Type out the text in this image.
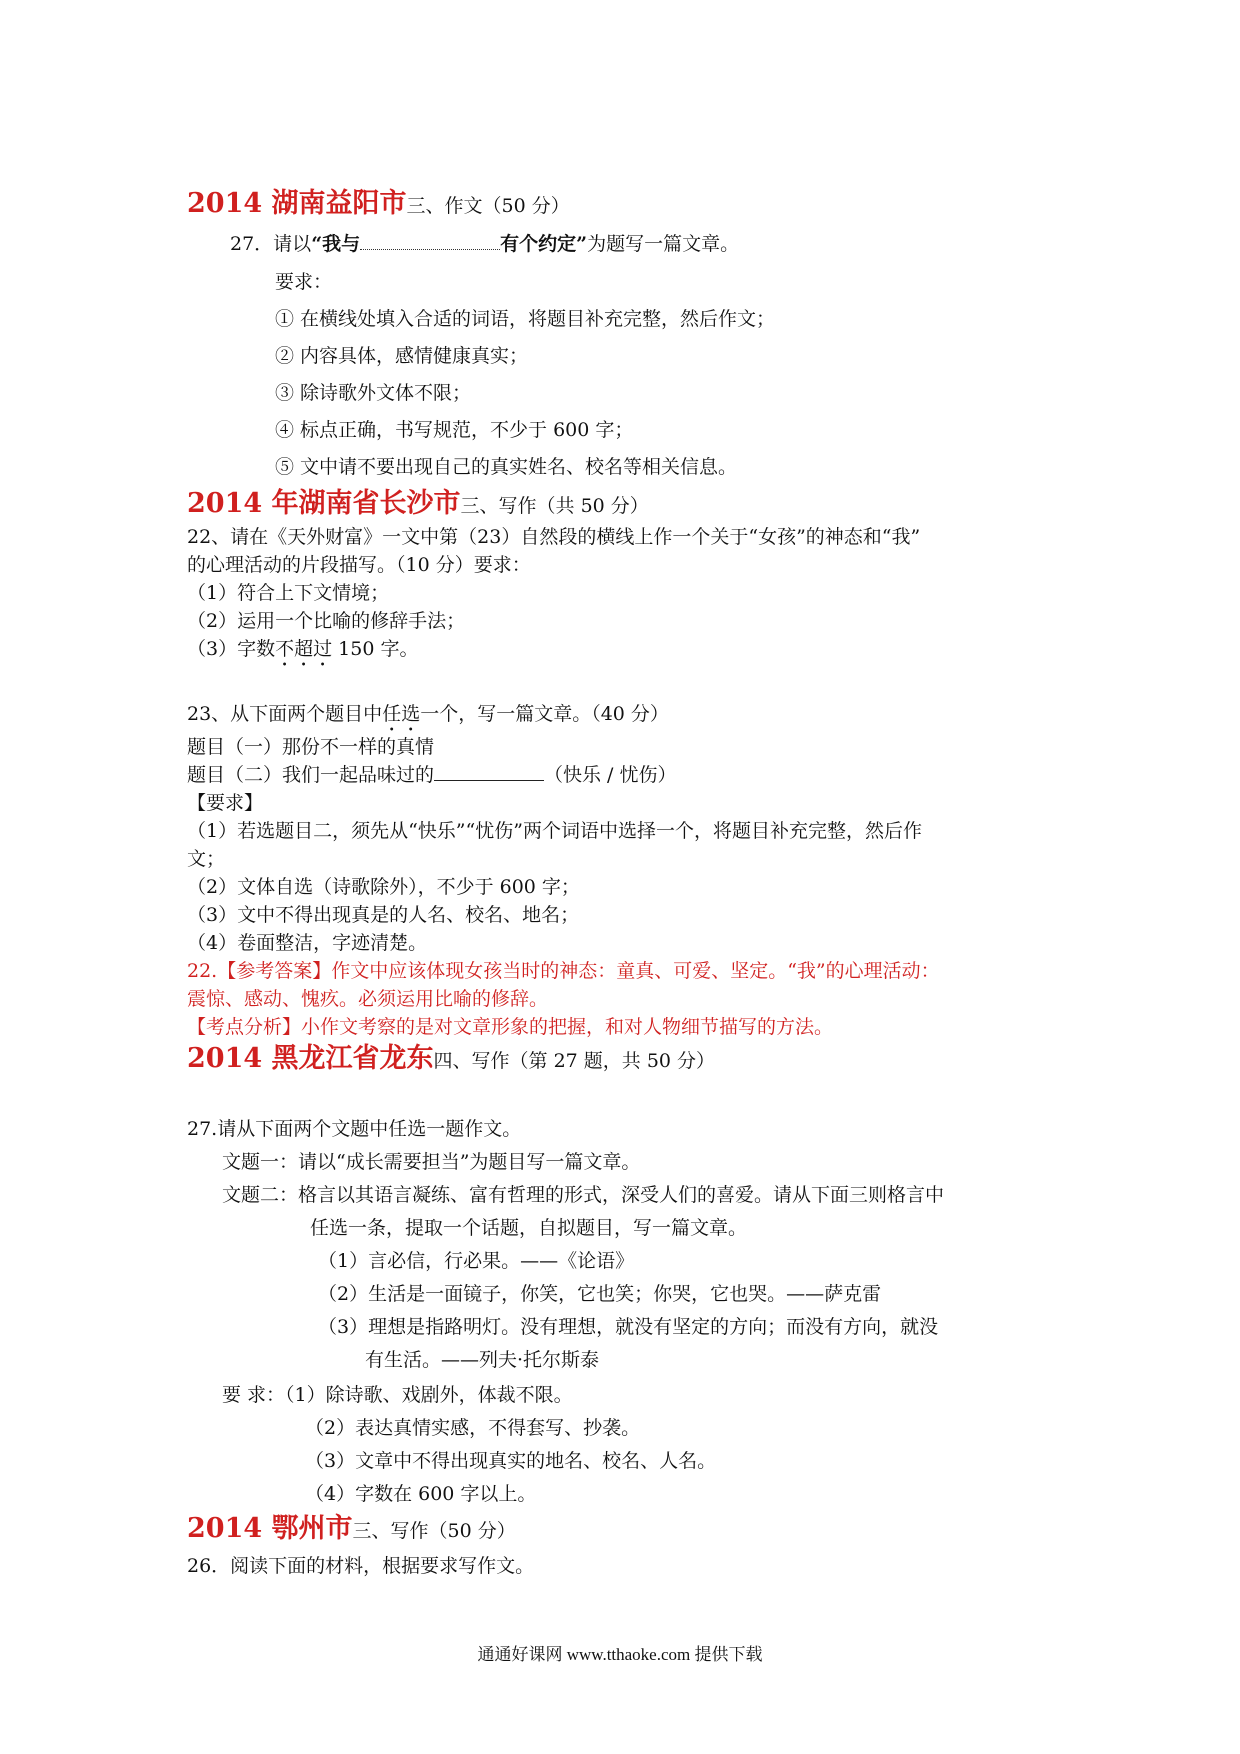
2014 湖南益阳市三、作文（50 分）
27．请以“我与	有个约定”为题写一篇文章。
要求：
① 在横线处填入合适的词语，将题目补充完整，然后作文；
② 内容具体，感情健康真实；
③ 除诗歌外文体不限；
④ 标点正确，书写规范，不少于 600 字；
⑤ 文中请不要出现自己的真实姓名、校名等相关信息。
2014 年湖南省长沙市三、写作（共 50 分）
22、请在《天外财富》一文中第（23）自然段的横线上作一个关于“女孩”的神态和“我”
的心理活动的片段描写。（10 分）要求：
（1）符合上下文情境；
（2）运用一个比喻的修辞手法；
（3）字数不超过 150 字。
23、从下面两个题目中任选一个，写一篇文章。（40 分）
题目（一）那份不一样的真情
题目（二）我们一起品味过的	（快乐 / 忧伤）
【要求】
（1）若选题目二，须先从“快乐”“忧伤”两个词语中选择一个，将题目补充完整，然后作
文；
（2）文体自选（诗歌除外），不少于 600 字；
（3）文中不得出现真是的人名、校名、地名；
（4）卷面整洁，字迹清楚。
22.【参考答案】作文中应该体现女孩当时的神态：童真、可爱、坚定。“我”的心理活动：
震惊、感动、愧疚。必须运用比喻的修辞。
【考点分析】小作文考察的是对文章形象的把握，和对人物细节描写的方法。
2014 黑龙江省龙东四、写作（第 27 题，共 50 分）
27.请从下面两个文题中任选一题作文。
文题一：请以“成长需要担当”为题目写一篇文章。
文题二：格言以其语言凝练、富有哲理的形式，深受人们的喜爱。请从下面三则格言中
任选一条，提取一个话题，自拟题目，写一篇文章。
（1）言必信，行必果。——《论语》
（2）生活是一面镜子，你笑，它也笑；你哭，它也哭。——萨克雷
（3）理想是指路明灯。没有理想，就没有坚定的方向；而没有方向，就没
有生活。——列夫·托尔斯泰
要 求：（1）除诗歌、戏剧外，体裁不限。
（2）表达真情实感，不得套写、抄袭。
（3）文章中不得出现真实的地名、校名、人名。
（4）字数在 600 字以上。
2014 鄂州市三、写作（50 分）
26．阅读下面的材料，根据要求写作文。
通通好课网 www.tthaoke.com 提供下载
